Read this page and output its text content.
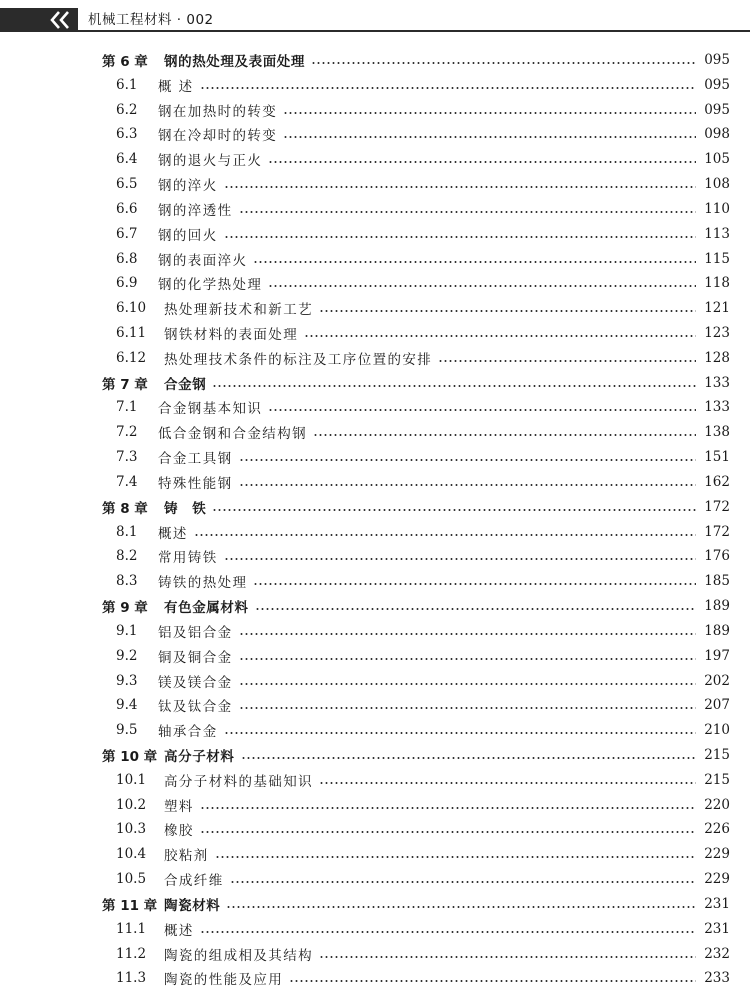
机械工程材料 · 002
第 6 章	钢的热处理及表面处理	095
6.1	概 述	095
6.2	钢在加热时的转变	095
6.3	钢在冷却时的转变	098
6.4	钢的退火与正火	105
6.5	钢的淬火	108
6.6	钢的淬透性	110
6.7	钢的回火	113
6.8	钢的表面淬火	115
6.9	钢的化学热处理	118
6.10	热处理新技术和新工艺	121
6.11	钢铁材料的表面处理	123
6.12	热处理技术条件的标注及工序位置的安排	128
第 7 章	合金钢	133
7.1	合金钢基本知识	133
7.2	低合金钢和合金结构钢	138
7.3	合金工具钢	151
7.4	特殊性能钢	162
第 8 章	铸　铁	172
8.1	概述	172
8.2	常用铸铁	176
8.3	铸铁的热处理	185
第 9 章	有色金属材料	189
9.1	铝及铝合金	189
9.2	铜及铜合金	197
9.3	镁及镁合金	202
9.4	钛及钛合金	207
9.5	轴承合金	210
第 10 章 高分子材料	215
10.1	高分子材料的基础知识	215
10.2	塑料	220
10.3	橡胶	226
10.4	胶粘剂	229
10.5	合成纤维	229
第 11 章 陶瓷材料	231
11.1	概述	231
11.2	陶瓷的组成相及其结构	232
11.3	陶瓷的性能及应用	233
